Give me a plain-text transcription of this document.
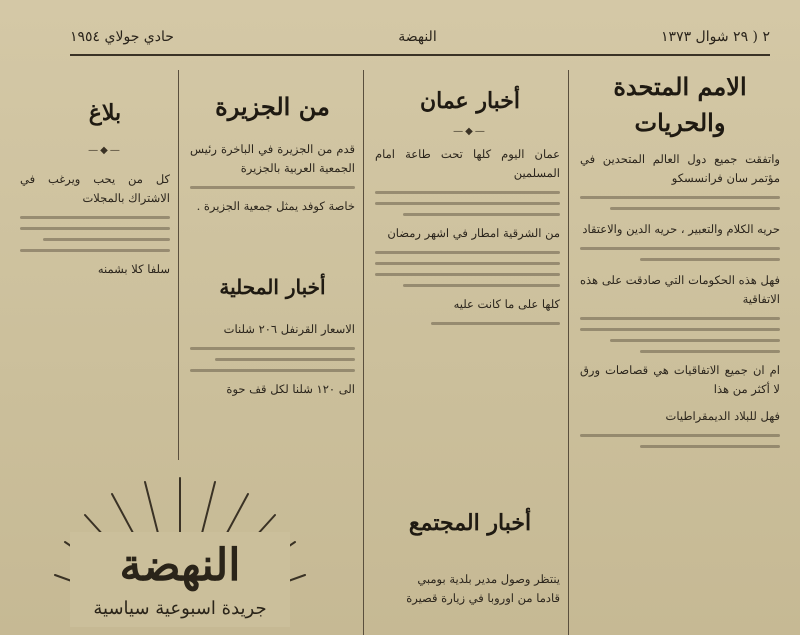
٢ ( ٢٩ شوال ١٣٧٣
النهضة
حادي جولاي ١٩٥٤
الامم المتحدة
والحريات
واتفقت جميع دول العالم المتحدين في مؤتمر سان فرانسسكو
حريه الكلام والتعبير ، حريه الدين والاعتقاد
فهل هذه الحكومات التي صادقت على هذه الاتفاقية
ام ان جميع الاتفاقيات هي قصاصات ورق لا أكثر من هذا
فهل للبلاد الديمقراطيات
أخبار عمان
—◆—
عمان اليوم كلها تحت طاعة امام المسلمين
من الشرقية امطار في اشهر رمضان
كلها على ما كانت عليه
أخبار المجتمع
ينتظر وصول مدير بلدية بومبي
قادما من اوروبا في زيارة قصيرة
من الجزيرة
قدم من الجزيرة في الباخرة رئيس الجمعية العربية بالجزيرة
خاصة كوفد يمثل جمعية الجزيرة .
أخبار المحلية
الاسعار القرنفل ٢٠٦ شلنات
الى ١٢٠ شلنا لكل قف حوة
بلاغ
—◆—
كل من يحب ويرغب في الاشتراك بالمجلات
سلفا كلا بشمنه
النهضة
جريدة اسبوعية سياسية
